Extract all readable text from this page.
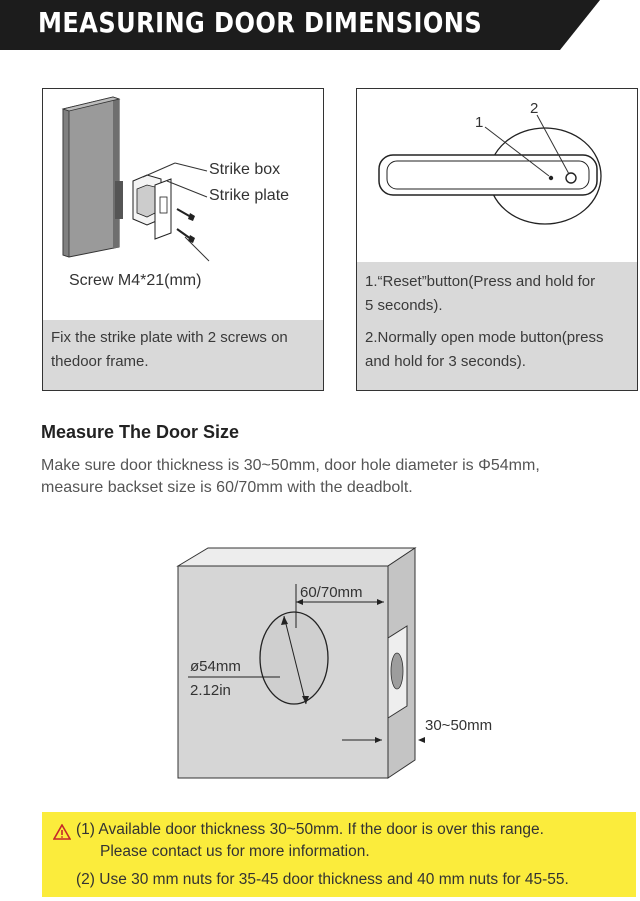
MEASURING DOOR DIMENSIONS
Strike box
Strike plate
Screw M4*21(mm)

Fix the strike plate with 2 screws on

thedoor frame.

1
2

1.“Reset”button(Press and hold for

5 seconds).

2.Normally open mode button(press

and hold for 3 seconds).

Measure The Door Size

Make sure door thickness is 30~50mm, door hole diameter is Φ54mm,
measure backset size is 60/70mm with the deadbolt.

60/70mm
ø54mm
2.12in
30~50mm
(1) Available door thickness 30~50mm. If the door is over this range.
Please contact us for more information.
(2) Use 30 mm nuts for 35-45 door thickness and 40 mm nuts for 45-55.
